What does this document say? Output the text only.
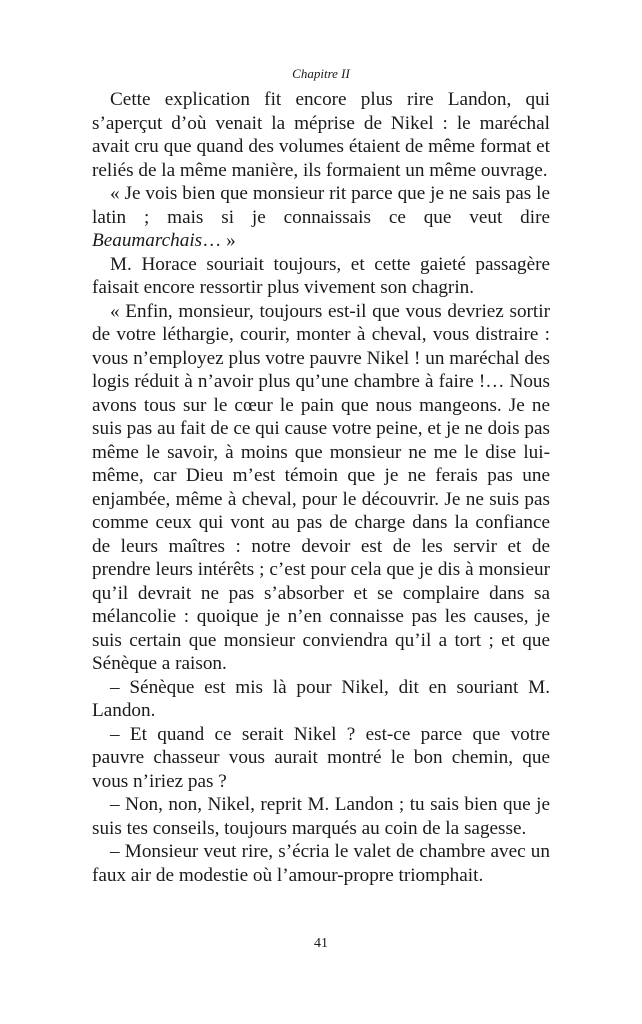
Chapitre II

Cette explication fit encore plus rire Landon, qui s’aperçut d’où venait la méprise de Nikel : le maréchal avait cru que quand des volumes étaient de même format et reliés de la même manière, ils formaient un même ouvrage.

« Je vois bien que monsieur rit parce que je ne sais pas le latin ; mais si je connaissais ce que veut dire Beaumarchais… »

M. Horace souriait toujours, et cette gaieté passagère faisait encore ressortir plus vivement son chagrin.

« Enfin, monsieur, toujours est-il que vous devriez sortir de votre léthargie, courir, monter à cheval, vous distraire : vous n’employez plus votre pauvre Nikel ! un maréchal des logis réduit à n’avoir plus qu’une chambre à faire !… Nous avons tous sur le cœur le pain que nous mangeons. Je ne suis pas au fait de ce qui cause votre peine, et je ne dois pas même le savoir, à moins que monsieur ne me le dise lui-même, car Dieu m’est témoin que je ne ferais pas une enjambée, même à cheval, pour le découvrir. Je ne suis pas comme ceux qui vont au pas de charge dans la confiance de leurs maîtres : notre devoir est de les servir et de prendre leurs intérêts ; c’est pour cela que je dis à monsieur qu’il devrait ne pas s’absorber et se complaire dans sa mélancolie : quoique je n’en connaisse pas les causes, je suis certain que monsieur conviendra qu’il a tort ; et que Sénèque a raison.

– Sénèque est mis là pour Nikel, dit en souriant M. Landon.

– Et quand ce serait Nikel ? est-ce parce que votre pauvre chasseur vous aurait montré le bon chemin, que vous n’iriez pas ?

– Non, non, Nikel, reprit M. Landon ; tu sais bien que je suis tes conseils, toujours marqués au coin de la sagesse.

– Monsieur veut rire, s’écria le valet de chambre avec un faux air de modestie où l’amour-propre triomphait.

41
